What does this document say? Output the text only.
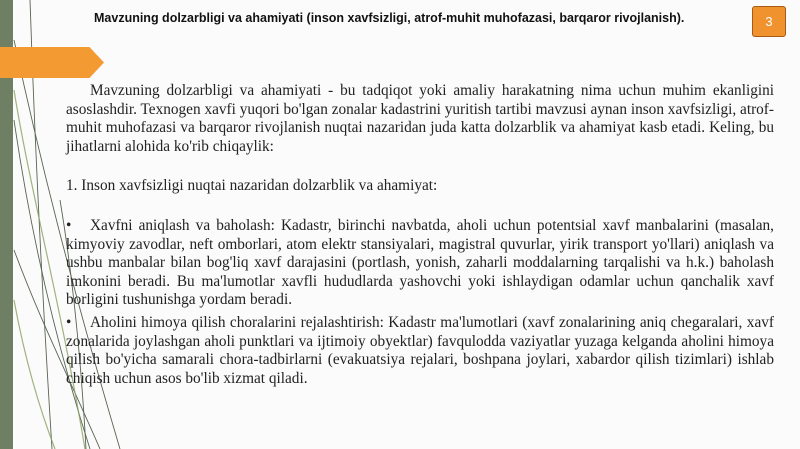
Mavzuning dolzarbligi va ahamiyati (inson xavfsizligi, atrof-muhit muhofazasi, barqaror rivojlanish).	3

Mavzuning dolzarbligi va ahamiyati - bu tadqiqot yoki amaliy harakatning nima uchun muhim ekanligini asoslashdir. Texnogen xavfi yuqori bo'lgan zonalar kadastrini yuritish tartibi mavzusi aynan inson xavfsizligi, atrof-muhit muhofazasi va barqaror rivojlanish nuqtai nazaridan juda katta dolzarblik va ahamiyat kasb etadi. Keling, bu jihatlarni alohida ko'rib chiqaylik:

1. Inson xavfsizligi nuqtai nazaridan dolzarblik va ahamiyat:

• Xavfni aniqlash va baholash: Kadastr, birinchi navbatda, aholi uchun potentsial xavf manbalarini (masalan, kimyoviy zavodlar, neft omborlari, atom elektr stansiyalari, magistral quvurlar, yirik transport yo'llari) aniqlash va ushbu manbalar bilan bog'liq xavf darajasini (portlash, yonish, zaharli moddalarning tarqalishi va h.k.) baholash imkonini beradi. Bu ma'lumotlar xavfli hududlarda yashovchi yoki ishlaydigan odamlar uchun qanchalik xavf borligini tushunishga yordam beradi.

• Aholini himoya qilish choralarini rejalashtirish: Kadastr ma'lumotlari (xavf zonalarining aniq chegaralari, xavf zonalarida joylashgan aholi punktlari va ijtimoiy obyektlar) favqulodda vaziyatlar yuzaga kelganda aholini himoya qilish bo'yicha samarali chora-tadbirlarni (evakuatsiya rejalari, boshpana joylari, xabardor qilish tizimlari) ishlab chiqish uchun asos bo'lib xizmat qiladi.
